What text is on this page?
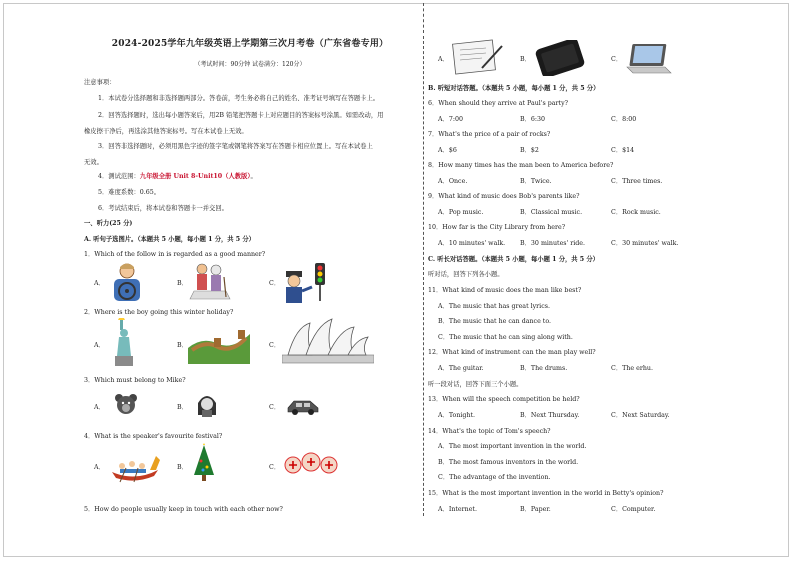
2024-2025学年九年级英语上学期第三次月考卷（广东省卷专用）
（考试时间：90分钟 试卷满分：120分）
注意事项：
1．本试卷分选择题和非选择题两部分。答卷前，考生务必将自己的姓名、准考证号填写在答题卡上。
2．回答选择题时，选出每小题答案后，用2B 铅笔把答题卡上对应题目的答案标号涂黑。如需改动，用
橡皮擦干净后，再选涂其他答案标号。写在本试卷上无效。
3．回答非选择题时，必须用黑色字迹的签字笔或钢笔将答案写在答题卡相应位置上。写在本试卷上
无效。
4．测试范围：九年级全册 Unit 8-Unit10（人教版）。
5．难度系数：0.65。
6．考试结束后，将本试卷和答题卡一并交回。
一、听力(25 分)
A. 听句子选图片。（本题共 5 小题，每小题 1 分，共 5 分）
1．Which of the follow in is regarded as a good manner?
A．	B．	C．
2．Where is the boy going this winter holiday?
A．	B．	C．
3．Which must belong to Mike?
A．	B．	C．
4．What is the speaker's favourite festival?
A．	B．	C．
5．How do people usually keep in touch with each other now?
A．	B．	C．
B. 听短对话答题。（本题共 5 小题，每小题 1 分，共 5 分）
6．When should they arrive at Paul's party?
A．7:00	B．6:30	C．8:00
7．What's the price of a pair of rocks?
A．$6	B．$2	C．$14
8．How many times has the man been to America before?
A．Once.	B．Twice.	C．Three times.
9．What kind of music does Bob's parents like?
A．Pop music.	B．Classical music.	C．Rock music.
10．How far is the City Library from here?
A．10 minutes' walk. B．30 minutes' ride.	C．30 minutes' walk.
C. 听长对话答题。（本题共 5 小题，每小题 1 分，共 5 分）
听对话，回答下列各小题。
11．What kind of music does the man like best?
A．The music that has great lyrics.
B．The music that he can dance to.
C．The music that he can sing along with.
12．What kind of instrument can the man play well?
A．The guitar.	B．The drums.	C．The erhu.
听一段对话，回答下面三个小题。
13．When will the speech competition be held?
A．Tonight.	B．Next Thursday.	C．Next Saturday.
14．What's the topic of Tom's speech?
A．The most important invention in the world.
B．The most famous inventors in the world.
C．The advantage of the invention.
15．What is the most important invention in the world in Betty's opinion?
A．Internet.	B．Paper.	C．Computer.
